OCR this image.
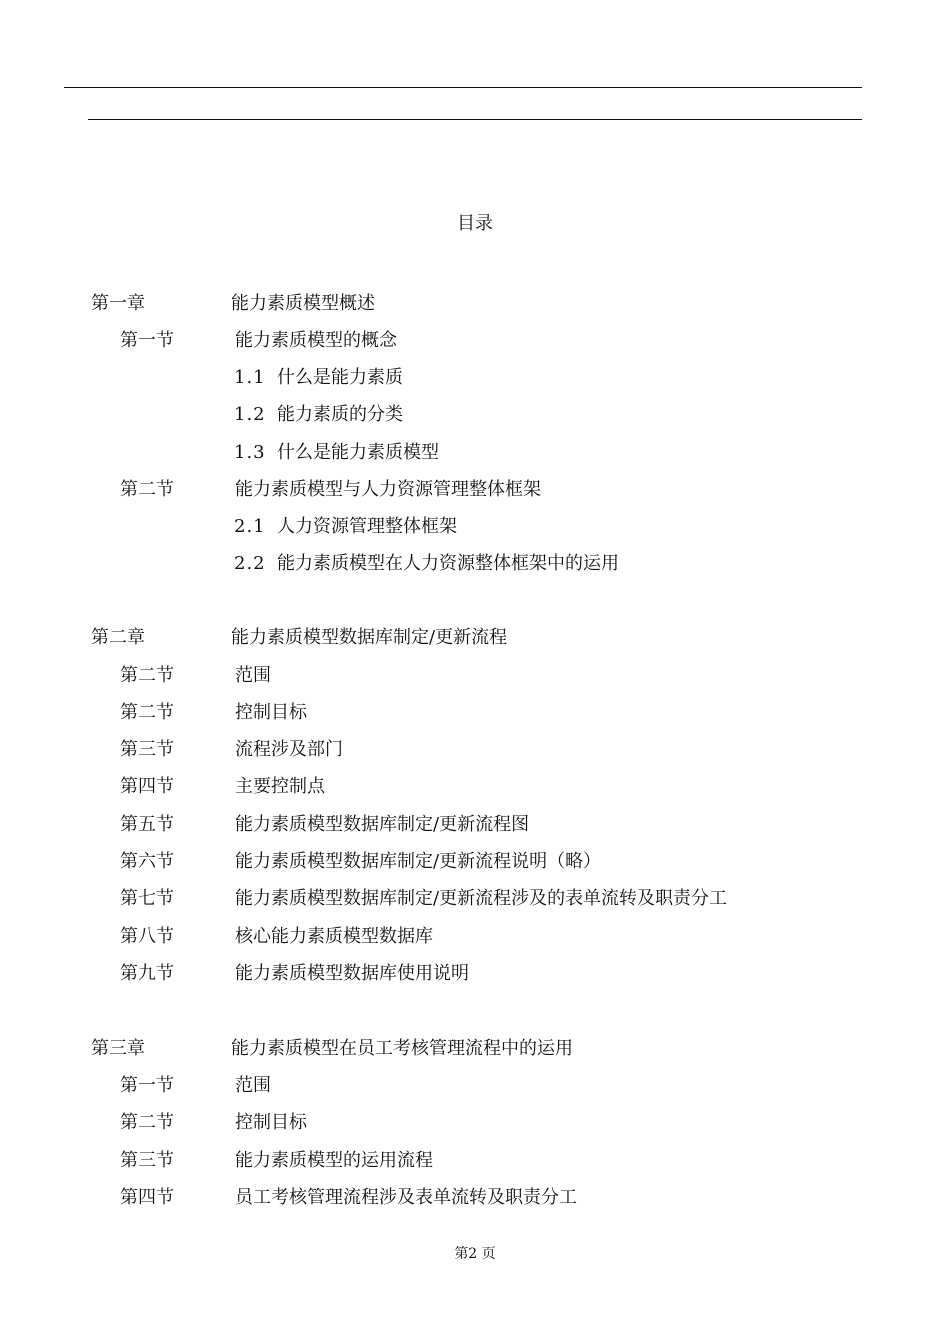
目录
第一章	能力素质模型概述
第一节	能力素质模型的概念
1.1 什么是能力素质
1.2 能力素质的分类
1.3 什么是能力素质模型
第二节	能力素质模型与人力资源管理整体框架
2.1 人力资源管理整体框架
2.2 能力素质模型在人力资源整体框架中的运用
第二章	能力素质模型数据库制定/更新流程
第二节	范围
第二节	控制目标
第三节	流程涉及部门
第四节	主要控制点
第五节	能力素质模型数据库制定/更新流程图
第六节	能力素质模型数据库制定/更新流程说明（略）
第七节	能力素质模型数据库制定/更新流程涉及的表单流转及职责分工
第八节	核心能力素质模型数据库
第九节	能力素质模型数据库使用说明
第三章	能力素质模型在员工考核管理流程中的运用
第一节	范围
第二节	控制目标
第三节	能力素质模型的运用流程
第四节	员工考核管理流程涉及表单流转及职责分工
第2 页
